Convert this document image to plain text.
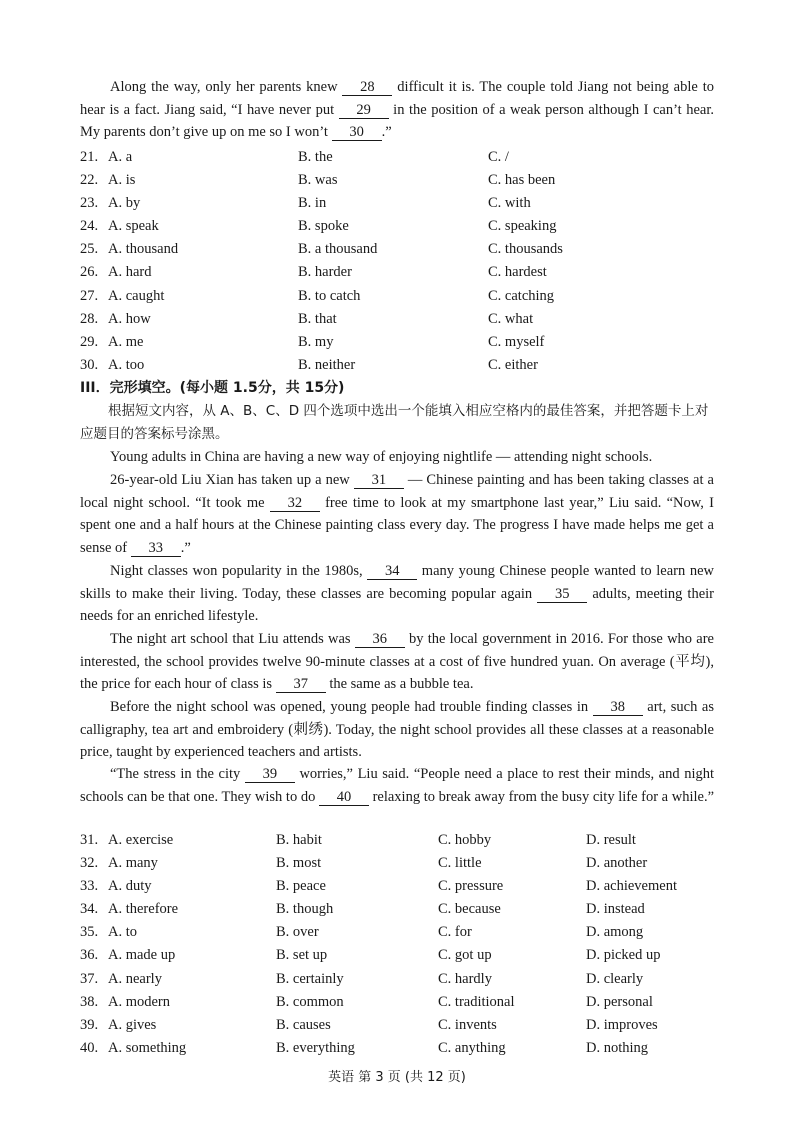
Along the way, only her parents knew 28 difficult it is. The couple told Jiang not being able to hear is a fact. Jiang said, “I have never put 29 in the position of a weak person although I can’t hear. My parents don’t give up on me so I won’t 30 .”
21. A. a	B. the	C. /
22. A. is	B. was	C. has been
23. A. by	B. in	C. with
24. A. speak	B. spoke	C. speaking
25. A. thousand	B. a thousand	C. thousands
26. A. hard	B. harder	C. hardest
27. A. caught	B. to catch	C. catching
28. A. how	B. that	C. what
29. A. me	B. my	C. myself
30. A. too	B. neither	C. either
III．完形填空。(每小题 1.5分，共 15分)
根据短文内容，从 A、B、C、D 四个选项中选出一个能填入相应空格内的最佳答案，并把答题卡上对应题目的答案标号涂黑。
Young adults in China are having a new way of enjoying nightlife — attending night schools.
26-year-old Liu Xian has taken up a new 31 — Chinese painting and has been taking classes at a local night school. “It took me 32 free time to look at my smartphone last year,” Liu said. “Now, I spent one and a half hours at the Chinese painting class every day. The progress I have made helps me get a sense of 33 .”
Night classes won popularity in the 1980s, 34 many young Chinese people wanted to learn new skills to make their living. Today, these classes are becoming popular again 35 adults, meeting their needs for an enriched lifestyle.
The night art school that Liu attends was 36 by the local government in 2016. For those who are interested, the school provides twelve 90-minute classes at a cost of five hundred yuan. On average (平均), the price for each hour of class is 37 the same as a bubble tea.
Before the night school was opened, young people had trouble finding classes in 38 art, such as calligraphy, tea art and embroidery (刺绣). Today, the night school provides all these classes at a reasonable price, taught by experienced teachers and artists.
“The stress in the city 39 worries,” Liu said. “People need a place to rest their minds, and night schools can be that one. They wish to do 40 relaxing to break away from the busy city life for a while.”
31. A. exercise	B. habit	C. hobby	D. result
32. A. many	B. most	C. little	D. another
33. A. duty	B. peace	C. pressure	D. achievement
34. A. therefore	B. though	C. because	D. instead
35. A. to	B. over	C. for	D. among
36. A. made up	B. set up	C. got up	D. picked up
37. A. nearly	B. certainly	C. hardly	D. clearly
38. A. modern	B. common	C. traditional	D. personal
39. A. gives	B. causes	C. invents	D. improves
40. A. something	B. everything	C. anything	D. nothing
英语 第 3 页 (共 12 页)
